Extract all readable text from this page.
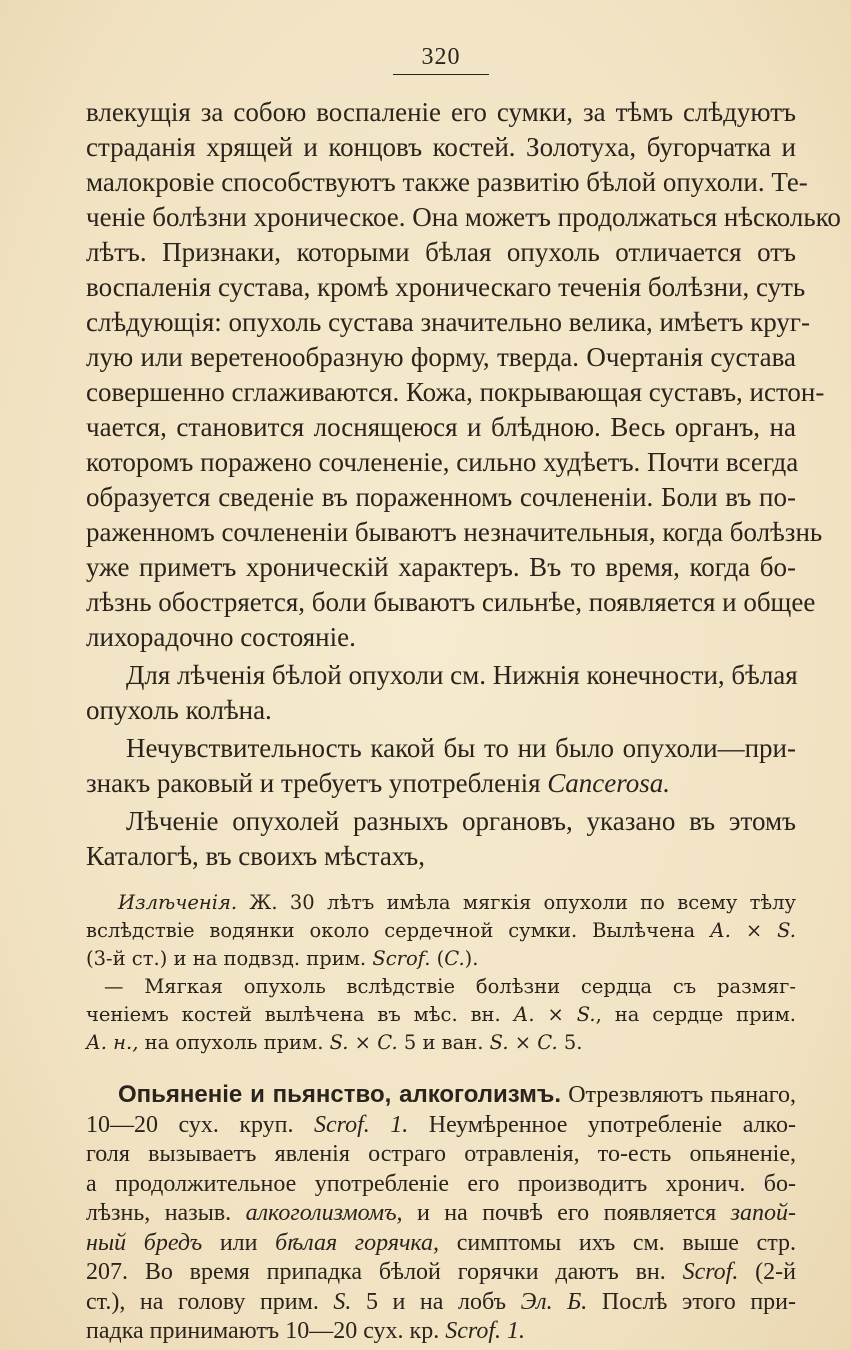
320
влекущія за собою воспаленіе его сумки, за тѣмъ слѣдуютъ
страданія хрящей и концовъ костей. Золотуха, бугорчатка и
малокровіе способствуютъ также развитію бѣлой опухоли. Те-
ченіе болѣзни хроническое. Она можетъ продолжаться нѣсколько
лѣтъ. Признаки, которыми бѣлая опухоль отличается отъ
воспаленія сустава, кромѣ хроническаго теченія болѣзни, суть
слѣдующія: опухоль сустава значительно велика, имѣетъ круг-
лую или веретенообразную форму, тверда. Очертанія сустава
совершенно сглаживаются. Кожа, покрывающая суставъ, истон-
чается, становится лоснящеюся и блѣдною. Весь органъ, на
которомъ поражено сочлененіе, сильно худѣетъ. Почти всегда
образуется сведеніе въ пораженномъ сочлененіи. Боли въ по-
раженномъ сочлененіи бываютъ незначительныя, когда болѣзнь
уже приметъ хроническій характеръ. Въ то время, когда бо-
лѣзнь обостряется, боли бываютъ сильнѣе, появляется и общее
лихорадочно состояніе.
Для лѣченія бѣлой опухоли см. Нижнія конечности, бѣлая
опухоль колѣна.
Нечувствительность какой бы то ни было опухоли—при-
знакъ раковый и требуетъ употребленія Cancerosa.
Лѣченіе опухолей разныхъ органовъ, указано въ этомъ
Каталогѣ, въ своихъ мѣстахъ,
Излѣченія. Ж. 30 лѣтъ имѣла мягкія опухоли по всему тѣлу
вслѣдствіе водянки около сердечной сумки. Вылѣчена А. × S.
(3-й ст.) и на подвзд. прим. Scrof. (C.).
— Мягкая опухоль вслѣдствіе болѣзни сердца съ размяг-
ченіемъ костей вылѣчена въ мѣс. вн. А. × S., на сердце прим.
А. н., на опухоль прим. S. × C. 5 и ван. S. × C. 5.
Опьяненіе и пьянство, алкоголизмъ. Отрезвляютъ пьянаго,
10—20 сух. круп. Scrof. 1. Неумѣренное употребленіе алко-
голя вызываетъ явленія остраго отравленія, то-есть опьяненіе,
а продолжительное употребленіе его производитъ хронич. бо-
лѣзнь, назыв. алкоголизмомъ, и на почвѣ его появляется запой-
ный бредъ или бѣлая горячка, симптомы ихъ см. выше стр.
207. Во время припадка бѣлой горячки даютъ вн. Scrof. (2-й
ст.), на голову прим. S. 5 и на лобъ Эл. Б. Послѣ этого при-
падка принимаютъ 10—20 сух. кр. Scrof. 1.
